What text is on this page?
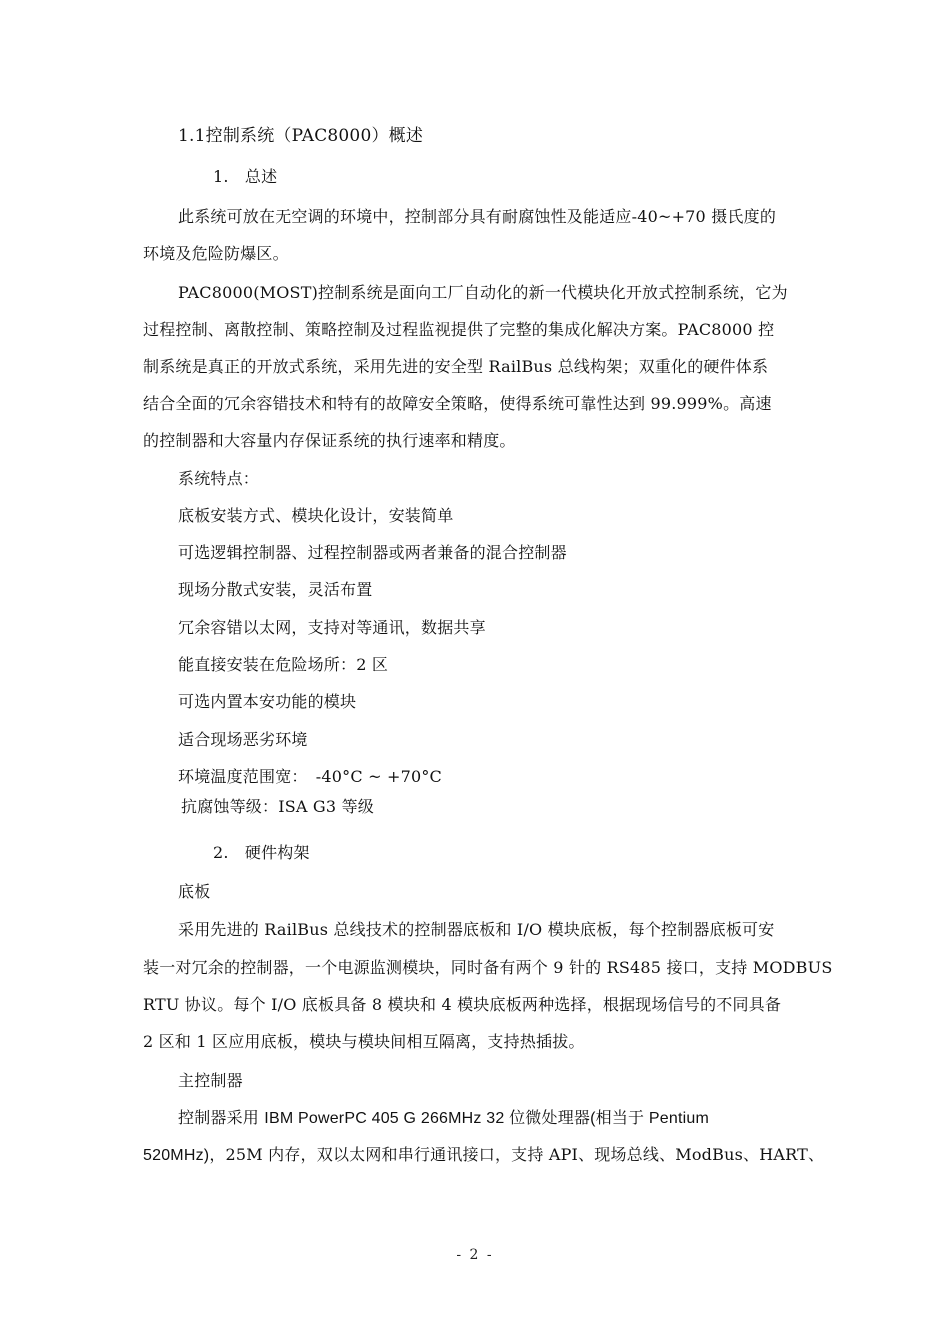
1.1控制系统（PAC8000）概述
1.　总述
此系统可放在无空调的环境中，控制部分具有耐腐蚀性及能适应-40~+70 摄氏度的
环境及危险防爆区。
PAC8000(MOST)控制系统是面向工厂自动化的新一代模块化开放式控制系统，它为
过程控制、离散控制、策略控制及过程监视提供了完整的集成化解决方案。PAC8000 控
制系统是真正的开放式系统，采用先进的安全型 RailBus 总线构架；双重化的硬件体系
结合全面的冗余容错技术和特有的故障安全策略，使得系统可靠性达到 99.999%。高速
的控制器和大容量内存保证系统的执行速率和精度。
系统特点：
底板安装方式、模块化设计，安装简单
可选逻辑控制器、过程控制器或两者兼备的混合控制器
现场分散式安装，灵活布置
冗余容错以太网，支持对等通讯，数据共享
能直接安装在危险场所：2 区
可选内置本安功能的模块
适合现场恶劣环境
环境温度范围宽：　-40°C ~ +70°C
抗腐蚀等级：ISA G3 等级
2.　硬件构架
底板
采用先进的 RailBus 总线技术的控制器底板和 I/O 模块底板，每个控制器底板可安
装一对冗余的控制器，一个电源监测模块，同时备有两个 9 针的 RS485 接口，支持 MODBUS
RTU 协议。每个 I/O 底板具备 8 模块和 4 模块底板两种选择，根据现场信号的不同具备
2 区和 1 区应用底板，模块与模块间相互隔离，支持热插拔。
主控制器
控制器采用 IBM PowerPC 405 G 266MHz 32 位微处理器(相当于 Pentium
520MHz)，25M 内存，双以太网和串行通讯接口，支持 API、现场总线、ModBus、HART、
- 2 -
